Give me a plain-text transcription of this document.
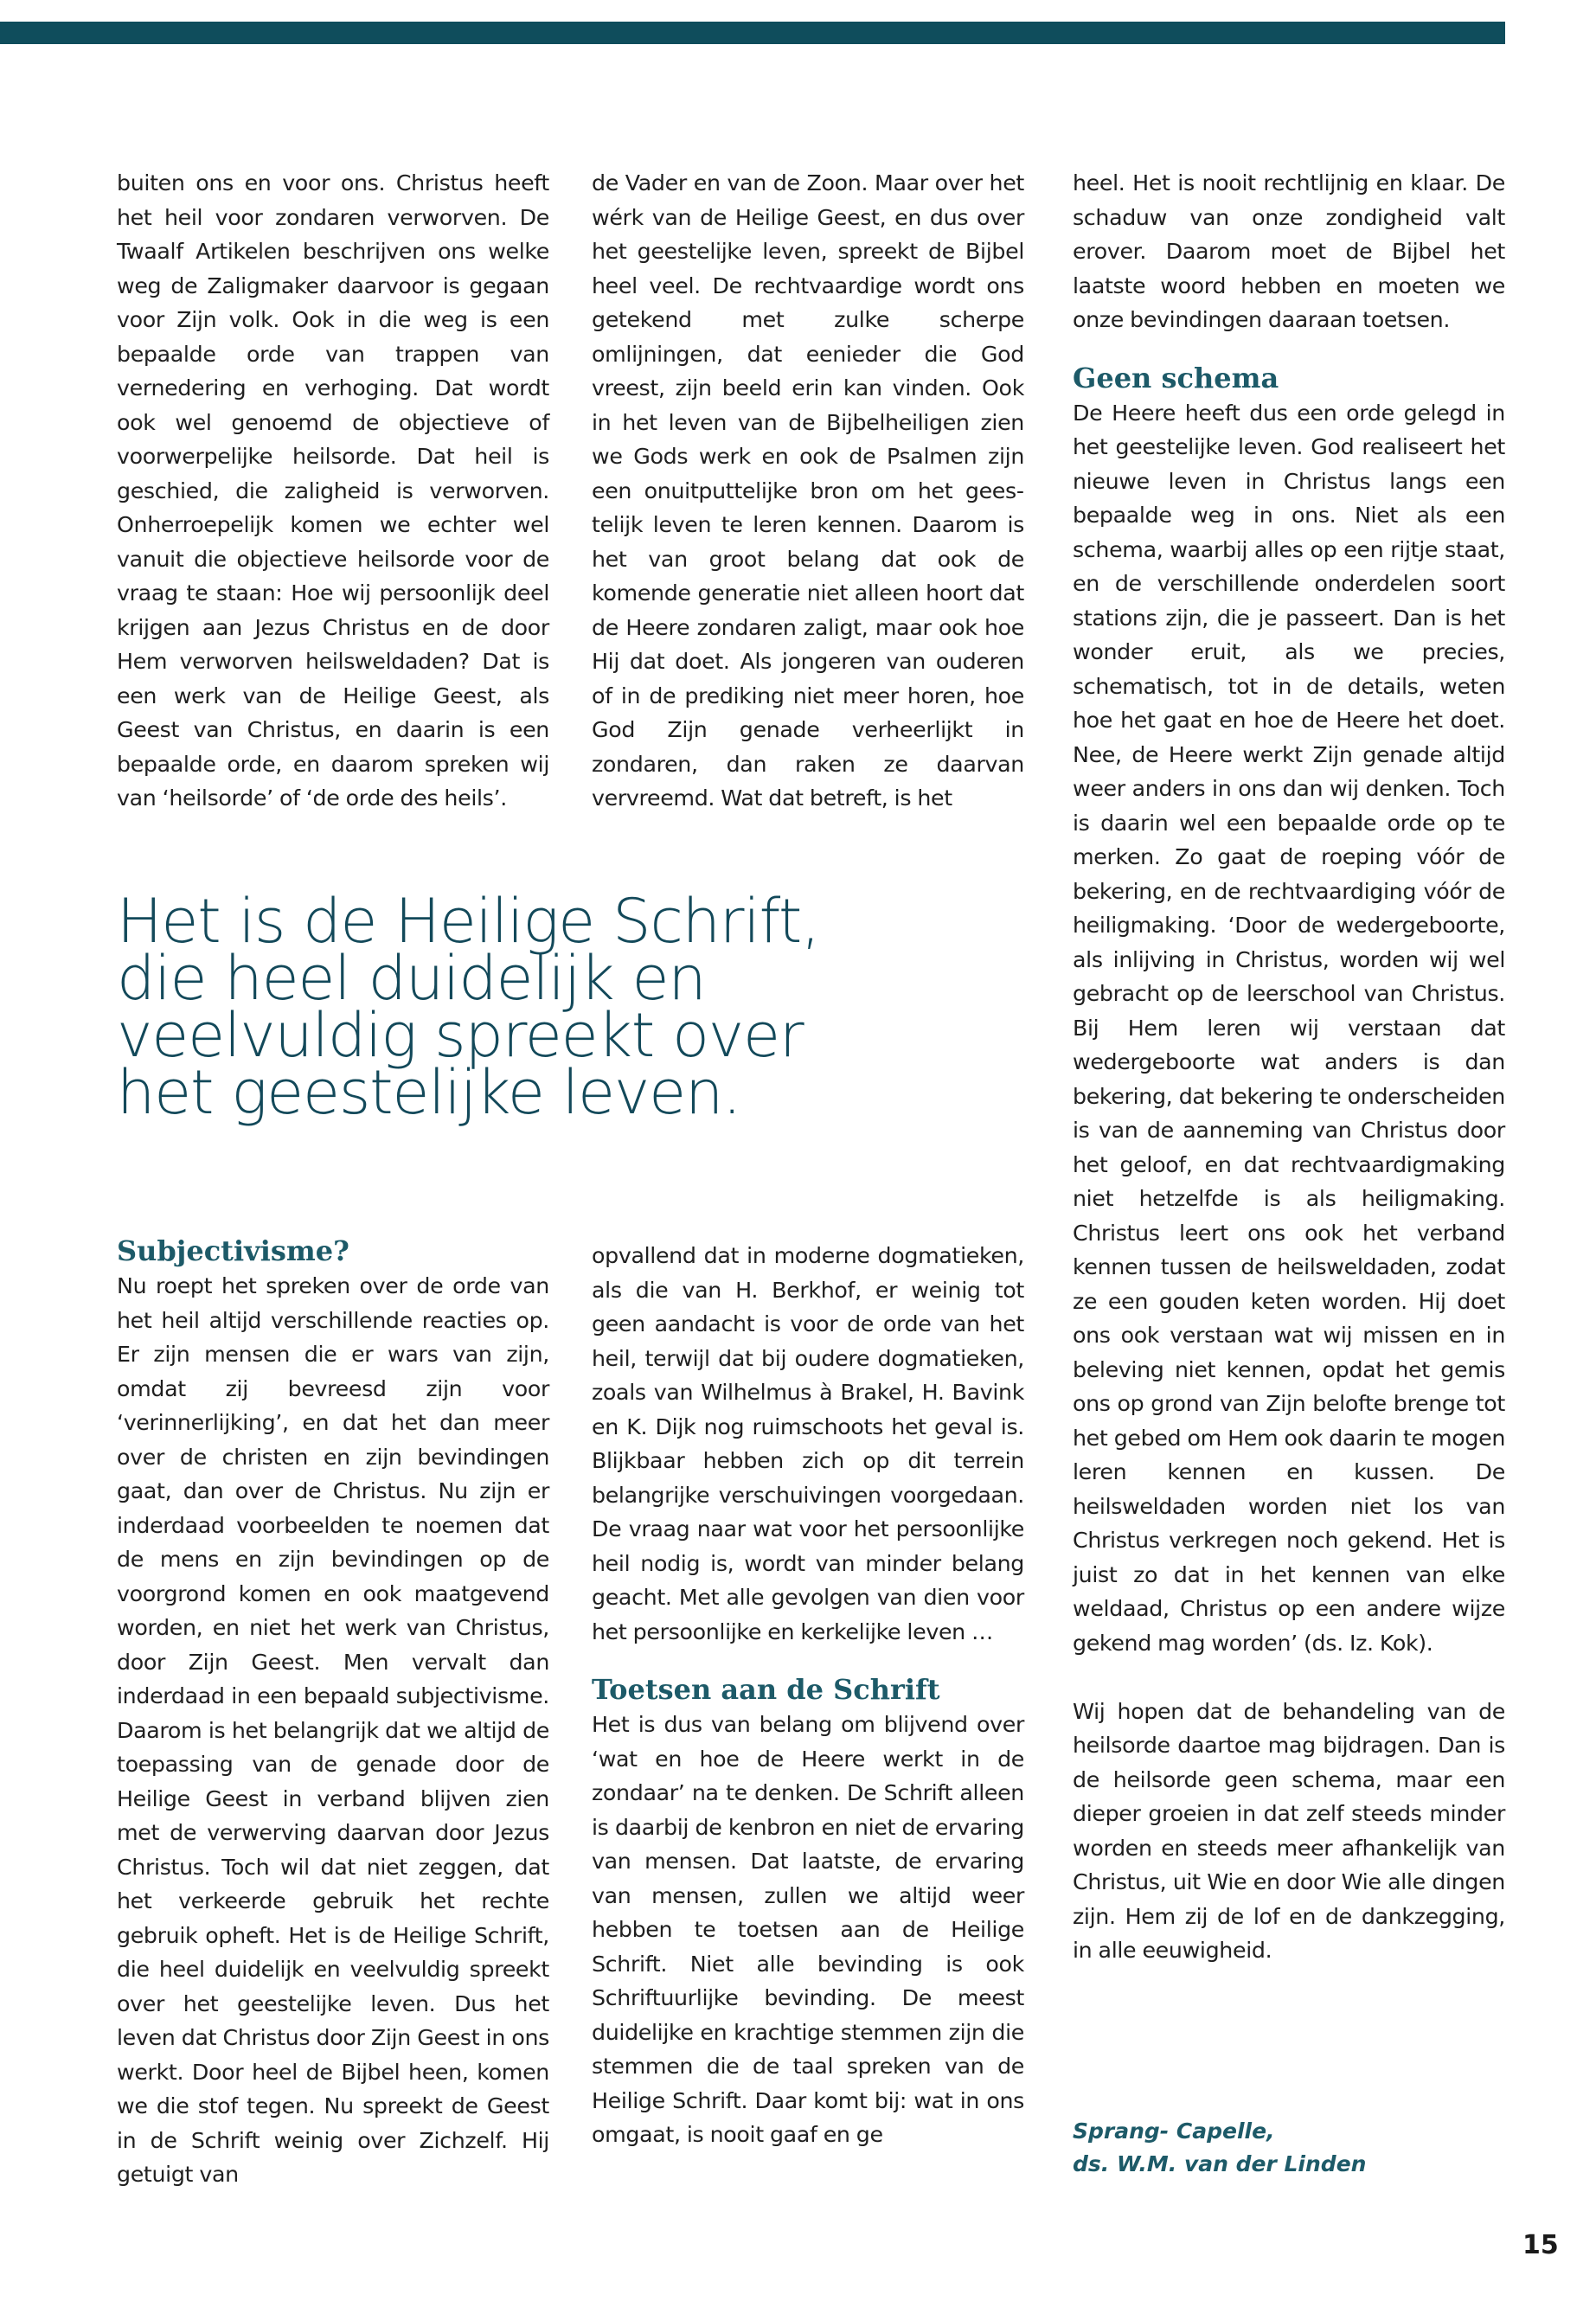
buiten ons en voor ons. Christus heeft het heil voor zondaren verworven. De Twaalf Artikelen beschrijven ons welke weg de Zaligmaker daarvoor is gegaan voor Zijn volk. Ook in die weg is een bepaalde orde van trappen van vernedering en verhoging. Dat wordt ook wel genoemd de objectieve of voorwerpelijke heilsorde. Dat heil is geschied, die zaligheid is verworven. Onherroepelijk komen we echter wel vanuit die objectieve heilsorde voor de vraag te staan: Hoe wij persoonlijk deel krijgen aan Jezus Christus en de door Hem verworven heilsweldaden? Dat is een werk van de Heilige Geest, als Geest van Christus, en daarin is een bepaalde orde, en daarom spreken wij van ‘heilsorde’ of ‘de orde des heils’.

de Vader en van de Zoon. Maar over het wérk van de Heilige Geest, en dus over het geestelijke leven, spreekt de Bijbel heel veel. De rechtvaardige wordt ons getekend met zulke scherpe omlijningen, dat eenieder die God vreest, zijn beeld erin kan vinden. Ook in het leven van de Bijbelheiligen zien we Gods werk en ook de Psalmen zijn een onuitputtelijke bron om het geestelijk leven te leren kennen. Daarom is het van groot belang dat ook de komende generatie niet alleen hoort dat de Heere zondaren zaligt, maar ook hoe Hij dat doet. Als jongeren van ouderen of in de prediking niet meer horen, hoe God Zijn genade verheerlijkt in zondaren, dan raken ze daarvan vervreemd. Wat dat betreft, is het

Het is de Heilige Schrift,
die heel duidelijk en
veelvuldig spreekt over
het geestelijke leven.
Subjectivisme?

Nu roept het spreken over de orde van het heil altijd verschillende reacties op. Er zijn mensen die er wars van zijn, omdat zij bevreesd zijn voor ‘verinnerlijking’, en dat het dan meer over de christen en zijn bevindingen gaat, dan over de Christus. Nu zijn er inderdaad voorbeelden te noemen dat de mens en zijn bevindingen op de voorgrond komen en ook maatgevend worden, en niet het werk van Christus, door Zijn Geest. Men vervalt dan inderdaad in een bepaald subjectivisme. Daarom is het belangrijk dat we altijd de toepassing van de genade door de Heilige Geest in verband blijven zien met de verwerving daarvan door Jezus Christus. Toch wil dat niet zeggen, dat het verkeerde gebruik het rechte gebruik opheft. Het is de Heilige Schrift, die heel duidelijk en veelvuldig spreekt over het geestelijke leven. Dus het leven dat Christus door Zijn Geest in ons werkt. Door heel de Bijbel heen, komen we die stof tegen. Nu spreekt de Geest in de Schrift weinig over Zichzelf. Hij getuigt van

opvallend dat in moderne dogmatieken, als die van H. Berkhof, er weinig tot geen aandacht is voor de orde van het heil, terwijl dat bij oudere dogmatieken, zoals van Wilhelmus à Brakel, H. Bavink en K. Dijk nog ruimschoots het geval is. Blijkbaar hebben zich op dit terrein belangrijke verschuivingen voorgedaan. De vraag naar wat voor het persoonlijke heil nodig is, wordt van minder belang geacht. Met alle gevolgen van dien voor het persoonlijke en kerkelijke leven …

Toetsen aan de Schrift

Het is dus van belang om blijvend over ‘wat en hoe de Heere werkt in de zondaar’ na te denken. De Schrift alleen is daarbij de kenbron en niet de ervaring van mensen. Dat laatste, de ervaring van mensen, zullen we altijd weer hebben te toetsen aan de Heilige Schrift. Niet alle bevinding is ook Schriftuurlijke bevinding. De meest duidelijke en krachtige stemmen zijn die stemmen die de taal spreken van de Heilige Schrift. Daar komt bij: wat in ons omgaat, is nooit gaaf en ge

heel. Het is nooit rechtlijnig en klaar. De schaduw van onze zondigheid valt erover. Daarom moet de Bijbel het laatste woord hebben en moeten we onze bevindingen daaraan toetsen.

Geen schema

De Heere heeft dus een orde gelegd in het geestelijke leven. God realiseert het nieuwe leven in Christus langs een bepaalde weg in ons. Niet als een schema, waarbij alles op een rijtje staat, en de verschillende onderdelen soort stations zijn, die je passeert. Dan is het wonder eruit, als we precies, schematisch, tot in de details, weten hoe het gaat en hoe de Heere het doet. Nee, de Heere werkt Zijn genade altijd weer anders in ons dan wij denken. Toch is daarin wel een bepaalde orde op te merken. Zo gaat de roeping vóór de bekering, en de rechtvaardiging vóór de heiligmaking. ‘Door de wedergeboorte, als inlijving in Christus, worden wij wel gebracht op de leerschool van Christus. Bij Hem leren wij verstaan dat wedergeboorte wat anders is dan bekering, dat bekering te onderscheiden is van de aanneming van Christus door het geloof, en dat rechtvaardigmaking niet hetzelfde is als heiligmaking. Christus leert ons ook het verband kennen tussen de heilsweldaden, zodat ze een gouden keten worden. Hij doet ons ook verstaan wat wij missen en in beleving niet kennen, opdat het gemis ons op grond van Zijn belofte brenge tot het gebed om Hem ook daarin te mogen leren kennen en kussen. De heilsweldaden worden niet los van Christus verkregen noch gekend. Het is juist zo dat in het kennen van elke weldaad, Christus op een andere wijze gekend mag worden’ (ds. Iz. Kok).

Wij hopen dat de behandeling van de heilsorde daartoe mag bijdragen. Dan is de heilsorde geen schema, maar een dieper groeien in dat zelf steeds minder worden en steeds meer afhankelijk van Christus, uit Wie en door Wie alle dingen zijn. Hem zij de lof en de dankzegging, in alle eeuwigheid.

Sprang- Capelle,
ds. W.M. van der Linden
15
